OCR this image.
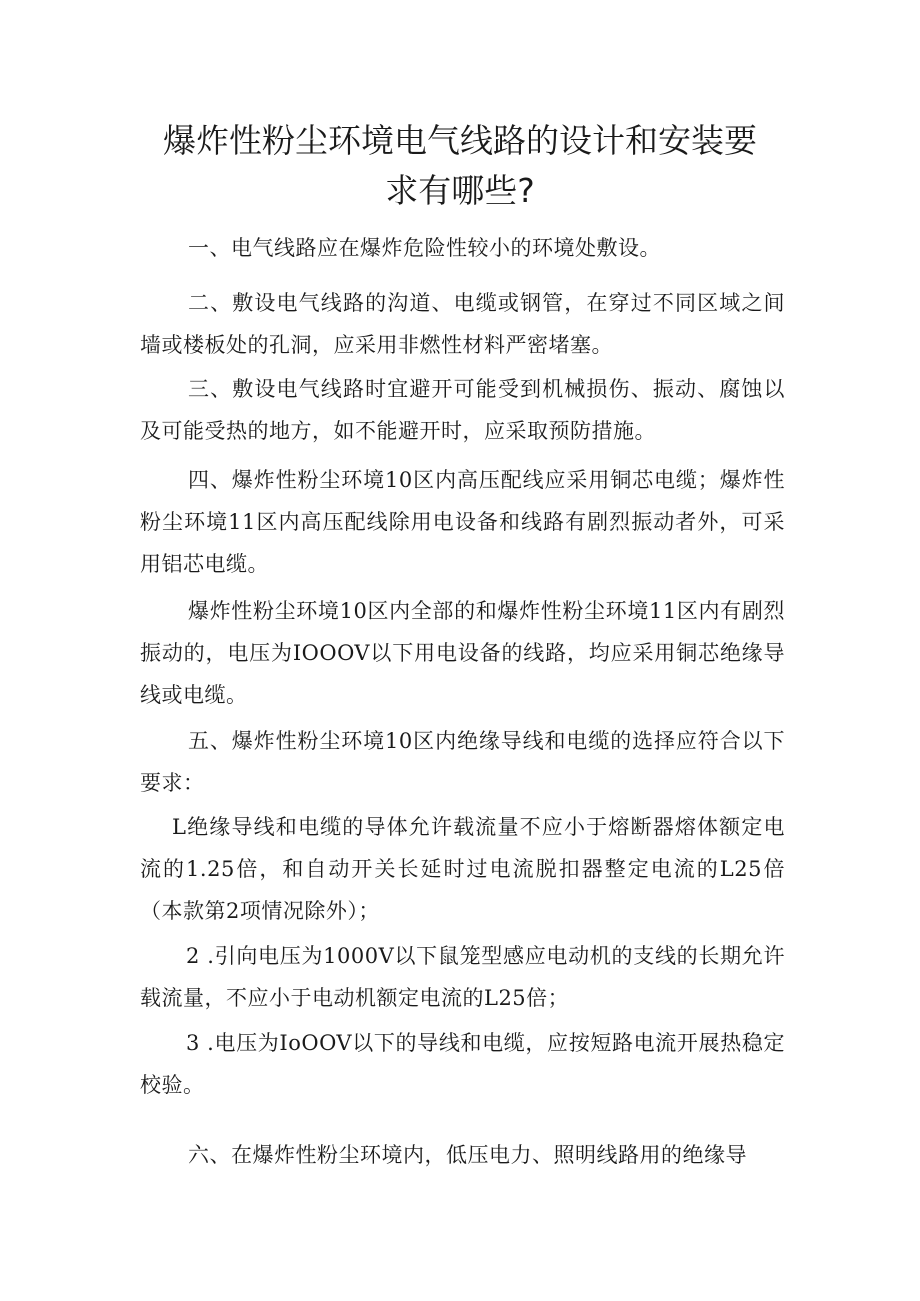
爆炸性粉尘环境电气线路的设计和安装要
求有哪些?

一、电气线路应在爆炸危险性较小的环境处敷设。

二、敷设电气线路的沟道、电缆或钢管，在穿过不同区域之间墙或楼板处的孔洞，应采用非燃性材料严密堵塞。

三、敷设电气线路时宜避开可能受到机械损伤、振动、腐蚀以及可能受热的地方，如不能避开时，应采取预防措施。

四、爆炸性粉尘环境10区内高压配线应采用铜芯电缆；爆炸性粉尘环境11区内高压配线除用电设备和线路有剧烈振动者外，可采用铝芯电缆。

爆炸性粉尘环境10区内全部的和爆炸性粉尘环境11区内有剧烈振动的，电压为IOOOV以下用电设备的线路，均应采用铜芯绝缘导线或电缆。

五、爆炸性粉尘环境10区内绝缘导线和电缆的选择应符合以下要求：

L绝缘导线和电缆的导体允许载流量不应小于熔断器熔体额定电流的1.25倍，和自动开关长延时过电流脱扣器整定电流的L25倍（本款第2项情况除外）；

2 .引向电压为1000V以下鼠笼型感应电动机的支线的长期允许载流量，不应小于电动机额定电流的L25倍；

3 .电压为IoOOV以下的导线和电缆，应按短路电流开展热稳定校验。

六、在爆炸性粉尘环境内，低压电力、照明线路用的绝缘导
